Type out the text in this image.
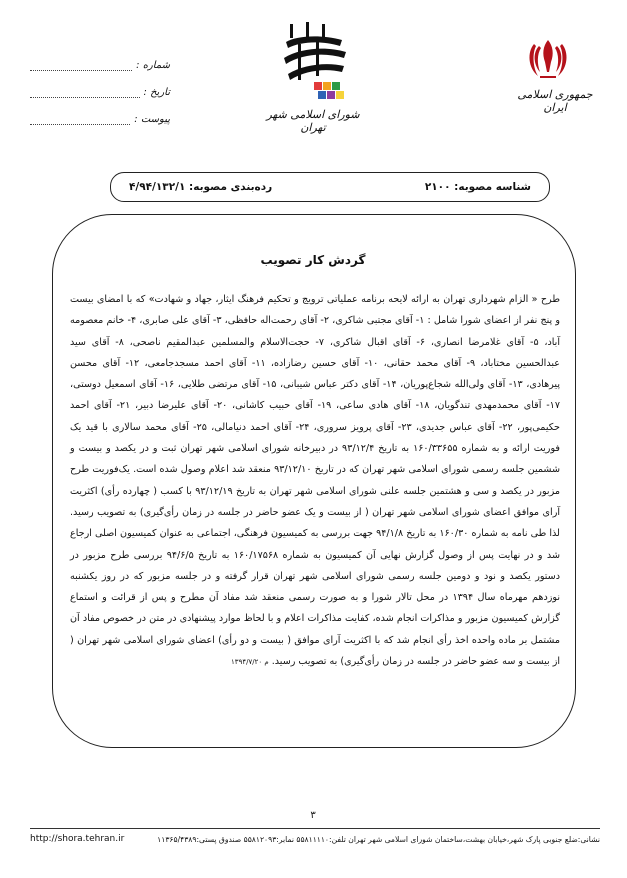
جمهوری اسلامی ایران
شورای اسلامی شهر تهران
شماره :
تاریخ :
پیوست :
شناسه مصوبه: ۲۱۰۰
رده‌بندی مصوبه: ۴/۹۴/۱۳۲/۱
گردش کار تصویب

طرح « الزام شهرداری تهران به ارائه لایحه برنامه عملیاتی ترویج و تحکیم فرهنگ ایثار، جهاد و شهادت» که با امضای بیست و پنج نفر از اعضای شورا شامل : ۱- آقای مجتبی شاکری، ۲- آقای رحمت‌اله حافظی، ۳- آقای علی صابری، ۴- خانم معصومه آباد، ۵- آقای غلامرضا انصاری، ۶- آقای اقبال شاکری، ۷- حجت‌الاسلام والمسلمین عبدالمقیم ناصحی، ۸- آقای سید عبدالحسین مختاباد، ۹- آقای محمد حقانی، ۱۰- آقای حسین رضازاده، ۱۱- آقای احمد مسجدجامعی، ۱۲- آقای محسن پیرهادی، ۱۳- آقای ولی‌الله شجاع‌پوریان، ۱۴- آقای دکتر عباس شیبانی، ۱۵- آقای مرتضی طلایی، ۱۶- آقای اسمعیل دوستی، ۱۷- آقای محمدمهدی تندگویان، ۱۸- آقای هادی ساعی، ۱۹- آقای حبیب کاشانی، ۲۰- آقای علیرضا دبیر، ۲۱- آقای احمد حکیمی‌پور، ۲۲- آقای عباس جدیدی، ۲۳- آقای پرویز سروری، ۲۴- آقای احمد دنیامالی، ۲۵- آقای محمد سالاری با قید یک فوریت ارائه و به شماره ۱۶۰/۳۳۶۵۵ به تاریخ ۹۳/۱۲/۴ در دبیرخانه شورای اسلامی شهر تهران ثبت و در یکصد و بیست و ششمین جلسه رسمی شورای اسلامی شهر تهران که در تاریخ ۹۳/۱۲/۱۰ منعقد شد اعلام وصول شده است. یک‌فوریت طرح مزبور در یکصد و سی و هشتمین جلسه علنی شورای اسلامی شهر تهران به تاریخ ۹۳/۱۲/۱۹ با کسب ( چهارده رأی) اکثریت آرای موافق اعضای شورای اسلامی شهر تهران ( از بیست و یک عضو حاضر در جلسه در زمان رأی‌گیری) به تصویب رسید. لذا طی نامه به شماره ۱۶۰/۳۰ به تاریخ ۹۴/۱/۸ جهت بررسی به کمیسیون فرهنگی، اجتماعی به عنوان کمیسیون اصلی ارجاع شد و در نهایت پس از وصول گزارش نهایی آن کمیسیون به شماره ۱۶۰/۱۷۵۶۸ به تاریخ ۹۴/۶/۵ بررسی طرح مزبور در دستور یکصد و نود و دومین جلسه رسمی شورای اسلامی شهر تهران قرار گرفته و در جلسه مزبور که در روز یکشنبه نوزدهم مهرماه سال ۱۳۹۴ در محل تالار شورا و به صورت رسمی منعقد شد مفاد آن مطرح و پس از قرائت و استماع گزارش کمیسیون مزبور و مذاکرات انجام شده، کفایت مذاکرات اعلام و با لحاظ موارد پیشنهادی در متن در خصوص مفاد آن مشتمل بر ماده واحده اخذ رأی انجام شد که با اکثریت آرای موافق ( بیست و دو رأی) اعضای شورای اسلامی شهر تهران ( از بیست و سه عضو حاضر در جلسه در زمان رأی‌گیری) به تصویب رسید. م ۱۳۹۴/۷/۲۰

۳
نشانی:ضلع جنوبی پارک شهر،خیابان بهشت،ساختمان شورای اسلامی شهر تهران تلفن:۵۵۸۱۱۱۱۰ نمابر:۵۵۸۱۲۰۹۳ صندوق پستی:۱۱۳۶۵/۴۳۸۹
http://shora.tehran.ir
